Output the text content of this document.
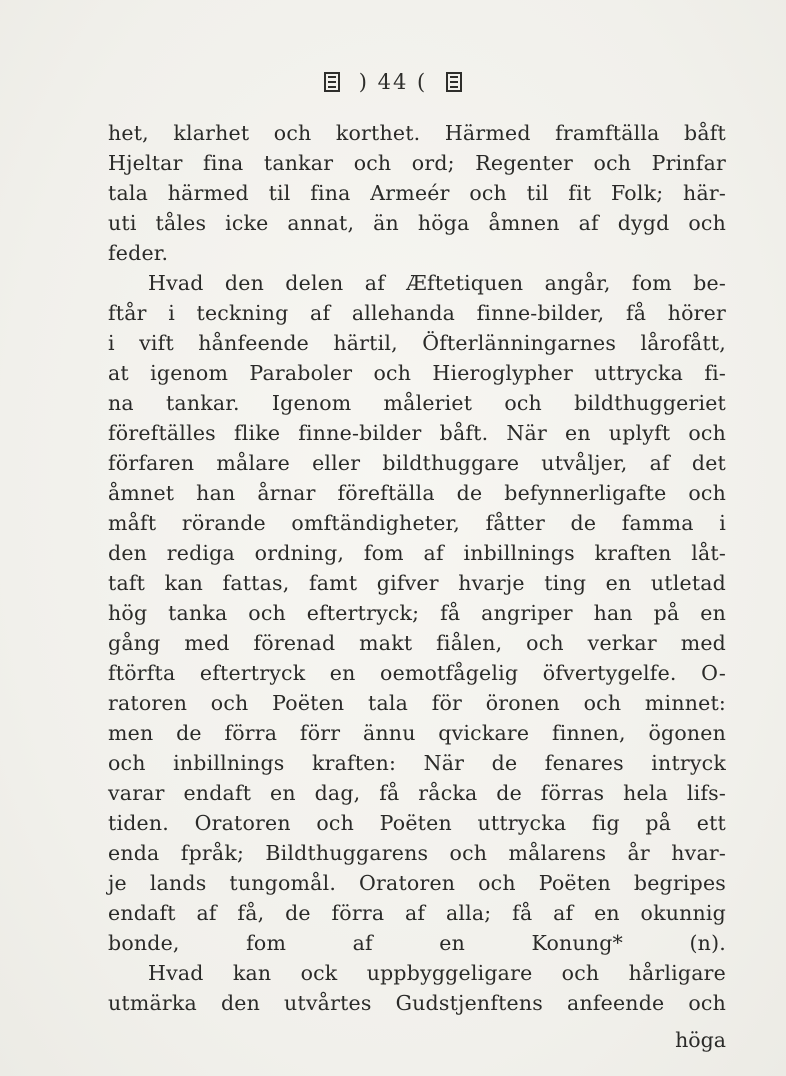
) 44 (
het, klarhet och korthet. Härmed framftälla båft
Hjeltar fina tankar och ord; Regenter och Prinfar
tala härmed til fina Armeér och til fit Folk; här-
uti tåles icke annat, än höga åmnen af dygd och
feder.
Hvad den delen af Æftetiquen angår, fom be-
ftår i teckning af allehanda finne-bilder, få hörer
i vift hånfeende härtil, Öfterlänningarnes lårofått,
at igenom Paraboler och Hieroglypher uttrycka fi-
na tankar. Igenom måleriet och bildthuggeriet
föreftälles flike finne-bilder båft. När en uplyft och
förfaren målare eller bildthuggare utvåljer, af det
åmnet han årnar föreftälla de befynnerligafte och
måft rörande omftändigheter, fåtter de famma i
den rediga ordning, fom af inbillnings kraften låt-
taft kan fattas, famt gifver hvarje ting en utletad
hög tanka och eftertryck; få angriper han på en
gång med förenad makt fiålen, och verkar med
ftörfta eftertryck en oemotfågelig öfvertygelfe. O-
ratoren och Poëten tala för öronen och minnet:
men de förra förr ännu qvickare finnen, ögonen
och inbillnings kraften: När de fenares intryck
varar endaft en dag, få råcka de förras hela lifs-
tiden. Oratoren och Poëten uttrycka fig på ett
enda fpråk; Bildthuggarens och målarens år hvar-
je lands tungomål. Oratoren och Poëten begripes
endaft af få, de förra af alla; få af en okunnig
bonde, fom af en Konung* (n).
Hvad kan ock uppbyggeligare och hårligare
utmärka den utvårtes Gudstjenftens anfeende och
höga
